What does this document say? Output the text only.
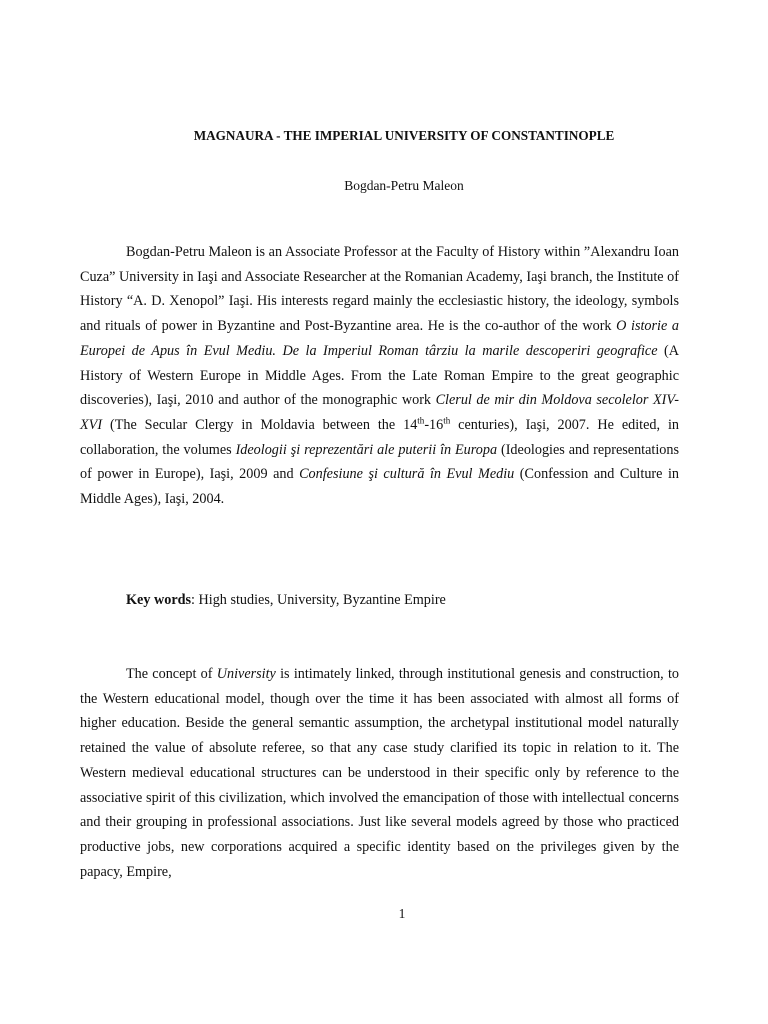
MAGNAURA - THE IMPERIAL UNIVERSITY OF CONSTANTINOPLE
Bogdan-Petru Maleon
Bogdan-Petru Maleon is an Associate Professor at the Faculty of History within ”Alexandru Ioan Cuza” University in Iaşi and Associate Researcher at the Romanian Academy, Iaşi branch, the Institute of History “A. D. Xenopol” Iaşi. His interests regard mainly the ecclesiastic history, the ideology, symbols and rituals of power in Byzantine and Post-Byzantine area. He is the co-author of the work O istorie a Europei de Apus în Evul Mediu. De la Imperiul Roman târziu la marile descoperiri geografice (A History of Western Europe in Middle Ages. From the Late Roman Empire to the great geographic discoveries), Iaşi, 2010 and author of the monographic work Clerul de mir din Moldova secolelor XIV-XVI (The Secular Clergy in Moldavia between the 14th-16th centuries), Iaşi, 2007. He edited, in collaboration, the volumes Ideologii şi reprezentări ale puterii în Europa (Ideologies and representations of power in Europe), Iaşi, 2009 and Confesiune şi cultură în Evul Mediu (Confession and Culture in Middle Ages), Iaşi, 2004.
Key words: High studies, University, Byzantine Empire
The concept of University is intimately linked, through institutional genesis and construction, to the Western educational model, though over the time it has been associated with almost all forms of higher education. Beside the general semantic assumption, the archetypal institutional model naturally retained the value of absolute referee, so that any case study clarified its topic in relation to it. The Western medieval educational structures can be understood in their specific only by reference to the associative spirit of this civilization, which involved the emancipation of those with intellectual concerns and their grouping in professional associations. Just like several models agreed by those who practiced productive jobs, new corporations acquired a specific identity based on the privileges given by the papacy, Empire,
1
